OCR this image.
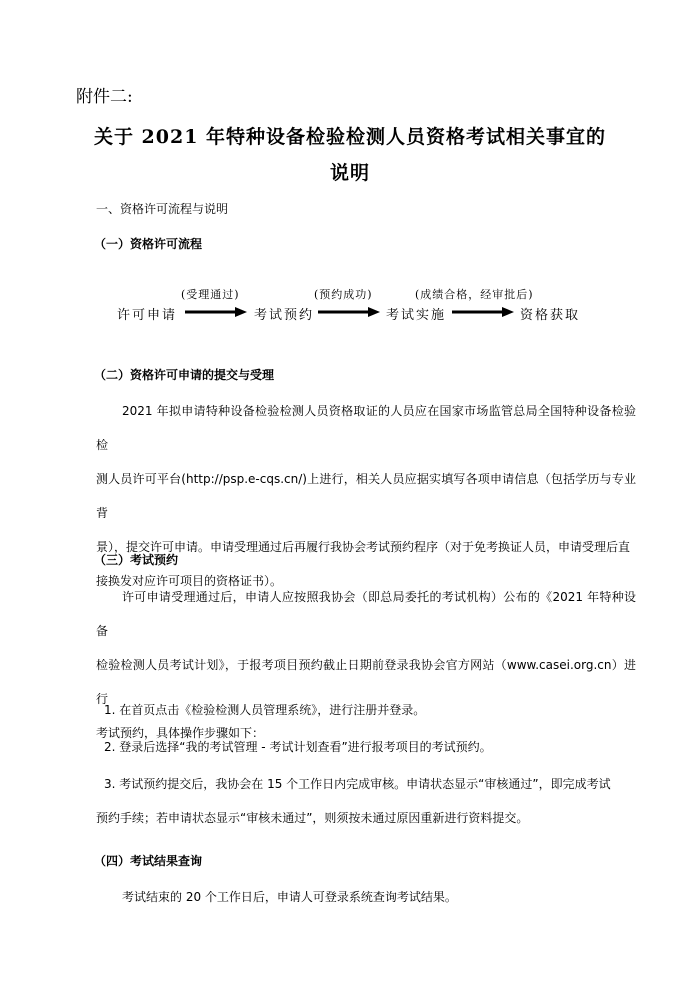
附件二:
关于 2021 年特种设备检验检测人员资格考试相关事宜的
说明
一、资格许可流程与说明
（一）资格许可流程
许可申请
(受理通过)
考试预约
(预约成功)
考试实施
(成绩合格，经审批后)
资格获取
（二）资格许可申请的提交与受理
2021 年拟申请特种设备检验检测人员资格取证的人员应在国家市场监管总局全国特种设备检验检
测人员许可平台(http://psp.e-cqs.cn/)上进行，相关人员应据实填写各项申请信息（包括学历与专业背
景），提交许可申请。申请受理通过后再履行我协会考试预约程序（对于免考换证人员，申请受理后直
接换发对应许可项目的资格证书）。
（三）考试预约
许可申请受理通过后，申请人应按照我协会（即总局委托的考试机构）公布的《2021 年特种设备
检验检测人员考试计划》，于报考项目预约截止日期前登录我协会官方网站（www.casei.org.cn）进行
考试预约，具体操作步骤如下：
1. 在首页点击《检验检测人员管理系统》，进行注册并登录。
2. 登录后选择“我的考试管理 - 考试计划查看”进行报考项目的考试预约。
3. 考试预约提交后，我协会在 15 个工作日内完成审核。申请状态显示“审核通过”，即完成考试
预约手续；若申请状态显示“审核未通过”，则须按未通过原因重新进行资料提交。
（四）考试结果查询
考试结束的 20 个工作日后，申请人可登录系统查询考试结果。
